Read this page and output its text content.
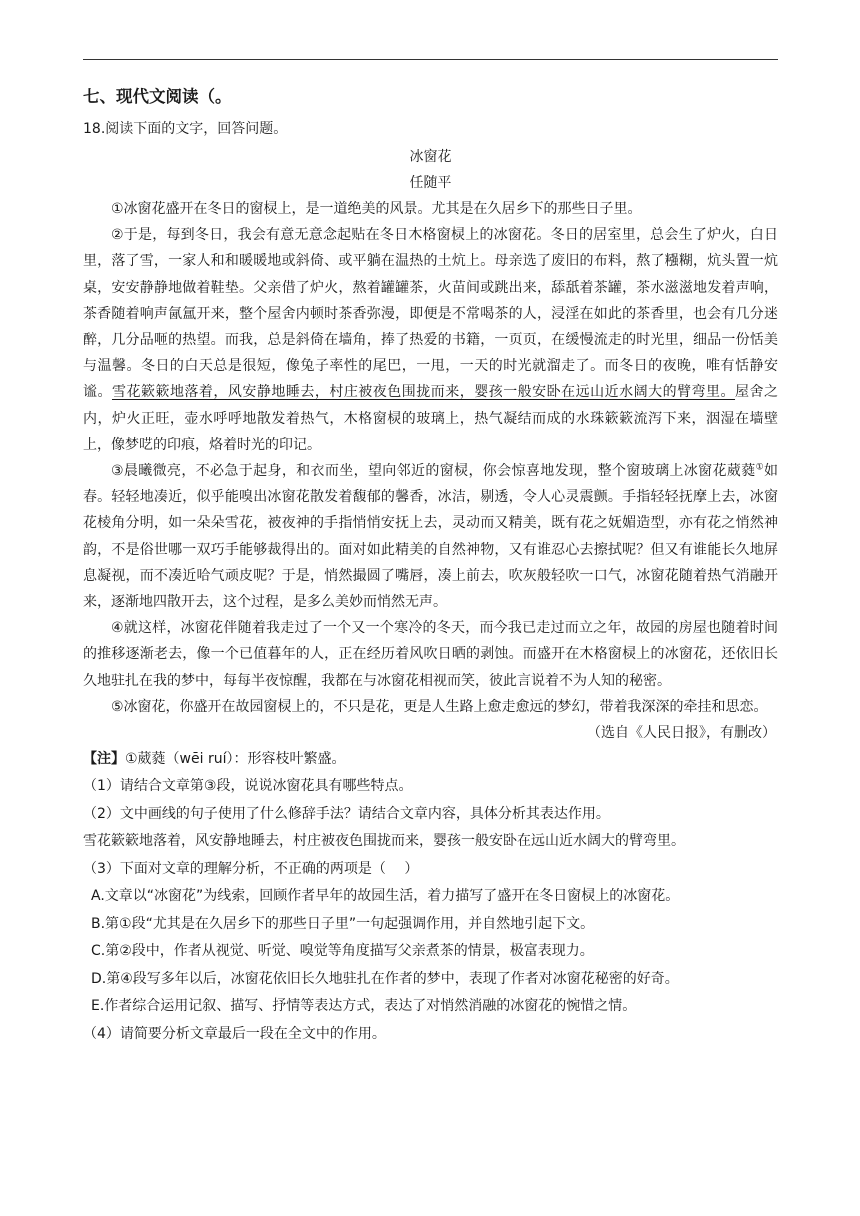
七、现代文阅读（。

18.阅读下面的文字，回答问题。

冰窗花

任随平

①冰窗花盛开在冬日的窗棂上，是一道绝美的风景。尤其是在久居乡下的那些日子里。

②于是，每到冬日，我会有意无意念起贴在冬日木格窗棂上的冰窗花。冬日的居室里，总会生了炉火，白日里，落了雪，一家人和和暖暖地或斜倚、或平躺在温热的土炕上。母亲选了废旧的布料，熬了糨糊，炕头置一炕桌，安安静静地做着鞋垫。父亲借了炉火，熬着罐罐茶，火苗间或跳出来，舔舐着茶罐，茶水滋滋地发着声响，茶香随着响声氤氲开来，整个屋舍内顿时茶香弥漫，即便是不常喝茶的人，浸淫在如此的茶香里，也会有几分迷醉，几分品咂的热望。而我，总是斜倚在墙角，捧了热爱的书籍，一页页，在缓慢流走的时光里，细品一份恬美与温馨。冬日的白天总是很短，像兔子率性的尾巴，一甩，一天的时光就溜走了。而冬日的夜晚，唯有恬静安谧。雪花簌簌地落着，风安静地睡去，村庄被夜色围拢而来，婴孩一般安卧在远山近水阔大的臂弯里。屋舍之内，炉火正旺，壶水呼呼地散发着热气，木格窗棂的玻璃上，热气凝结而成的水珠簌簌流泻下来，洇湿在墙壁上，像梦呓的印痕，烙着时光的印记。

③晨曦微亮，不必急于起身，和衣而坐，望向邻近的窗棂，你会惊喜地发现，整个窗玻璃上冰窗花葳蕤①如春。轻轻地凑近，似乎能嗅出冰窗花散发着馥郁的馨香，冰洁，剔透，令人心灵震颤。手指轻轻抚摩上去，冰窗花棱角分明，如一朵朵雪花，被夜神的手指悄悄安抚上去，灵动而又精美，既有花之妩媚造型，亦有花之悄然神韵，不是俗世哪一双巧手能够裁得出的。面对如此精美的自然神物，又有谁忍心去擦拭呢？但又有谁能长久地屏息凝视，而不凑近哈气顽皮呢？于是，悄然撮圆了嘴唇，凑上前去，吹灰般轻吹一口气，冰窗花随着热气消融开来，逐渐地四散开去，这个过程，是多么美妙而悄然无声。

④就这样，冰窗花伴随着我走过了一个又一个寒冷的冬天，而今我已走过而立之年，故园的房屋也随着时间的推移逐渐老去，像一个已值暮年的人，正在经历着风吹日晒的剥蚀。而盛开在木格窗棂上的冰窗花，还依旧长久地驻扎在我的梦中，每每半夜惊醒，我都在与冰窗花相视而笑，彼此言说着不为人知的秘密。

⑤冰窗花，你盛开在故园窗棂上的，不只是花，更是人生路上愈走愈远的梦幻，带着我深深的牵挂和思恋。

（选自《人民日报》，有删改）

【注】①葳蕤（wēi ruí）：形容枝叶繁盛。

（1）请结合文章第③段，说说冰窗花具有哪些特点。

（2）文中画线的句子使用了什么修辞手法？请结合文章内容，具体分析其表达作用。

雪花簌簌地落着，风安静地睡去，村庄被夜色围拢而来，婴孩一般安卧在远山近水阔大的臂弯里。

（3）下面对文章的理解分析，不正确的两项是（　 ）

A.文章以“冰窗花”为线索，回顾作者早年的故园生活，着力描写了盛开在冬日窗棂上的冰窗花。

B.第①段“尤其是在久居乡下的那些日子里”一句起强调作用，并自然地引起下文。

C.第②段中，作者从视觉、听觉、嗅觉等角度描写父亲煮茶的情景，极富表现力。

D.第④段写多年以后，冰窗花依旧长久地驻扎在作者的梦中，表现了作者对冰窗花秘密的好奇。

E.作者综合运用记叙、描写、抒情等表达方式，表达了对悄然消融的冰窗花的惋惜之情。

（4）请简要分析文章最后一段在全文中的作用。
